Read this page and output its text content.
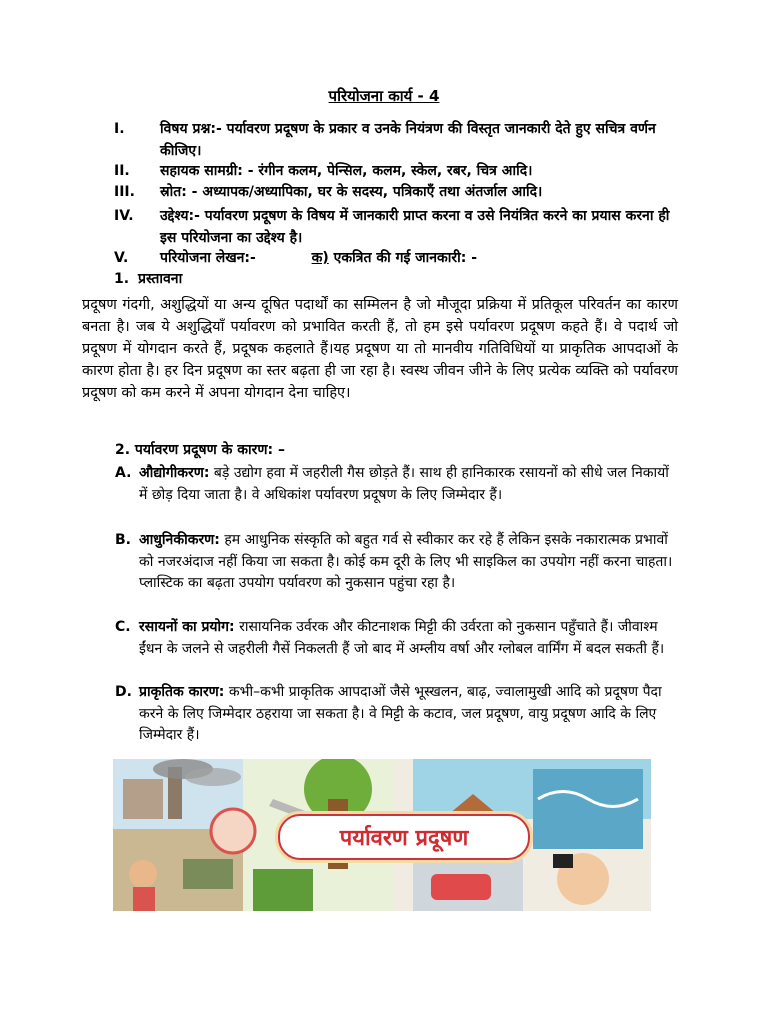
परियोजना कार्य - 4
I.	विषय प्रश्न:- पर्यावरण प्रदूषण के प्रकार व उनके नियंत्रण की विस्तृत जानकारी देते हुए सचित्र वर्णन कीजिए।
II.	सहायक सामग्री: - रंगीन कलम, पेन्सिल, कलम, स्केल, रबर, चित्र आदि।
III.	स्रोत: - अध्यापक/अध्यापिका, घर के सदस्य, पत्रिकाएँ तथा अंतर्जाल आदि।
IV.	उद्देश्य:- पर्यावरण प्रदूषण के विषय में जानकारी प्राप्त करना व उसे नियंत्रित करने का प्रयास करना ही इस परियोजना का उद्देश्य है।
V.	परियोजना लेखन:-	क) एकत्रित की गई जानकारी: -
1. प्रस्तावना
प्रदूषण गंदगी, अशुद्धियों या अन्य दूषित पदार्थों का सम्मिलन है जो मौजूदा प्रक्रिया में प्रतिकूल परिवर्तन का कारण बनता है। जब ये अशुद्धियाँ पर्यावरण को प्रभावित करती हैं, तो हम इसे पर्यावरण प्रदूषण कहते हैं। वे पदार्थ जो प्रदूषण में योगदान करते हैं, प्रदूषक कहलाते हैं।यह प्रदूषण या तो मानवीय गतिविधियों या प्राकृतिक आपदाओं के कारण होता है। हर दिन प्रदूषण का स्तर बढ़ता ही जा रहा है। स्वस्थ जीवन जीने के लिए प्रत्येक व्यक्ति को पर्यावरण प्रदूषण को कम करने में अपना योगदान देना चाहिए।
2. पर्यावरण प्रदूषण के कारण: –
A. औद्योगीकरण: बड़े उद्योग हवा में जहरीली गैस छोड़ते हैं। साथ ही हानिकारक रसायनों को सीधे जल निकायों में छोड़ दिया जाता है। वे अधिकांश पर्यावरण प्रदूषण के लिए जिम्मेदार हैं।
B. आधुनिकीकरण: हम आधुनिक संस्कृति को बहुत गर्व से स्वीकार कर रहे हैं लेकिन इसके नकारात्मक प्रभावों को नजरअंदाज नहीं किया जा सकता है। कोई कम दूरी के लिए भी साइकिल का उपयोग नहीं करना चाहता। प्लास्टिक का बढ़ता उपयोग पर्यावरण को नुकसान पहुंचा रहा है।
C. रसायनों का प्रयोग: रासायनिक उर्वरक और कीटनाशक मिट्टी की उर्वरता को नुकसान पहुँचाते हैं। जीवाश्म ईंधन के जलने से जहरीली गैसें निकलती हैं जो बाद में अम्लीय वर्षा और ग्लोबल वार्मिंग में बदल सकती हैं।
D. प्राकृतिक कारण: कभी–कभी प्राकृतिक आपदाओं जैसे भूस्खलन, बाढ़, ज्वालामुखी आदि को प्रदूषण पैदा करने के लिए जिम्मेदार ठहराया जा सकता है। वे मिट्टी के कटाव, जल प्रदूषण, वायु प्रदूषण आदि के लिए जिम्मेदार हैं।
पर्यावरण प्रदूषण
